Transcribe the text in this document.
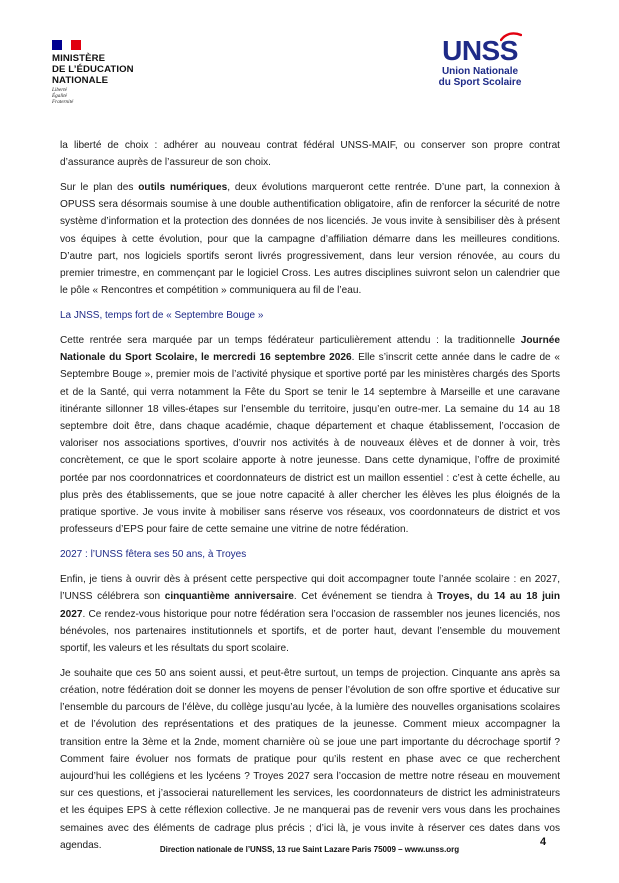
MINISTÈRE
DE L’ÉDUCATION
NATIONALE
Liberté
Égalité
Fraternité
UNSS
Union Nationale
du Sport Scolaire

la liberté de choix : adhérer au nouveau contrat fédéral UNSS-MAIF, ou conserver son propre contrat d’assurance auprès de l’assureur de son choix.

Sur le plan des outils numériques, deux évolutions marqueront cette rentrée. D’une part, la connexion à OPUSS sera désormais soumise à une double authentification obligatoire, afin de renforcer la sécurité de notre système d’information et la protection des données de nos licenciés. Je vous invite à sensibiliser dès à présent vos équipes à cette évolution, pour que la campagne d’affiliation démarre dans les meilleures conditions. D’autre part, nos logiciels sportifs seront livrés progressivement, dans leur version rénovée, au cours du premier trimestre, en commençant par le logiciel Cross. Les autres disciplines suivront selon un calendrier que le pôle « Rencontres et compétition » communiquera au fil de l’eau.

La JNSS, temps fort de « Septembre Bouge »

Cette rentrée sera marquée par un temps fédérateur particulièrement attendu : la traditionnelle Journée Nationale du Sport Scolaire, le mercredi 16 septembre 2026. Elle s’inscrit cette année dans le cadre de « Septembre Bouge », premier mois de l’activité physique et sportive porté par les ministères chargés des Sports et de la Santé, qui verra notamment la Fête du Sport se tenir le 14 septembre à Marseille et une caravane itinérante sillonner 18 villes-étapes sur l’ensemble du territoire, jusqu’en outre-mer. La semaine du 14 au 18 septembre doit être, dans chaque académie, chaque département et chaque établissement, l’occasion de valoriser nos associations sportives, d’ouvrir nos activités à de nouveaux élèves et de donner à voir, très concrètement, ce que le sport scolaire apporte à notre jeunesse. Dans cette dynamique, l’offre de proximité portée par nos coordonnatrices et coordonnateurs de district est un maillon essentiel : c’est à cette échelle, au plus près des établissements, que se joue notre capacité à aller chercher les élèves les plus éloignés de la pratique sportive. Je vous invite à mobiliser sans réserve vos réseaux, vos coordonnateurs de district et vos professeurs d’EPS pour faire de cette semaine une vitrine de notre fédération.

2027 : l’UNSS fêtera ses 50 ans, à Troyes

Enfin, je tiens à ouvrir dès à présent cette perspective qui doit accompagner toute l’année scolaire : en 2027, l’UNSS célébrera son cinquantième anniversaire. Cet événement se tiendra à Troyes, du 14 au 18 juin 2027. Ce rendez-vous historique pour notre fédération sera l’occasion de rassembler nos jeunes licenciés, nos bénévoles, nos partenaires institutionnels et sportifs, et de porter haut, devant l’ensemble du mouvement sportif, les valeurs et les résultats du sport scolaire.

Je souhaite que ces 50 ans soient aussi, et peut-être surtout, un temps de projection. Cinquante ans après sa création, notre fédération doit se donner les moyens de penser l’évolution de son offre sportive et éducative sur l’ensemble du parcours de l’élève, du collège jusqu’au lycée, à la lumière des nouvelles organisations scolaires et de l’évolution des représentations et des pratiques de la jeunesse. Comment mieux accompagner la transition entre la 3ème et la 2nde, moment charnière où se joue une part importante du décrochage sportif ? Comment faire évoluer nos formats de pratique pour qu’ils restent en phase avec ce que recherchent aujourd’hui les collégiens et les lycéens ? Troyes 2027 sera l’occasion de mettre notre réseau en mouvement sur ces questions, et j’associerai naturellement les services, les coordonnateurs de district les administrateurs et les équipes EPS à cette réflexion collective. Je ne manquerai pas de revenir vers vous dans les prochaines semaines avec des éléments de cadrage plus précis ; d’ici là, je vous invite à réserver ces dates dans vos agendas.	4
Direction nationale de l’UNSS, 13 rue Saint Lazare Paris 75009 – www.unss.org
